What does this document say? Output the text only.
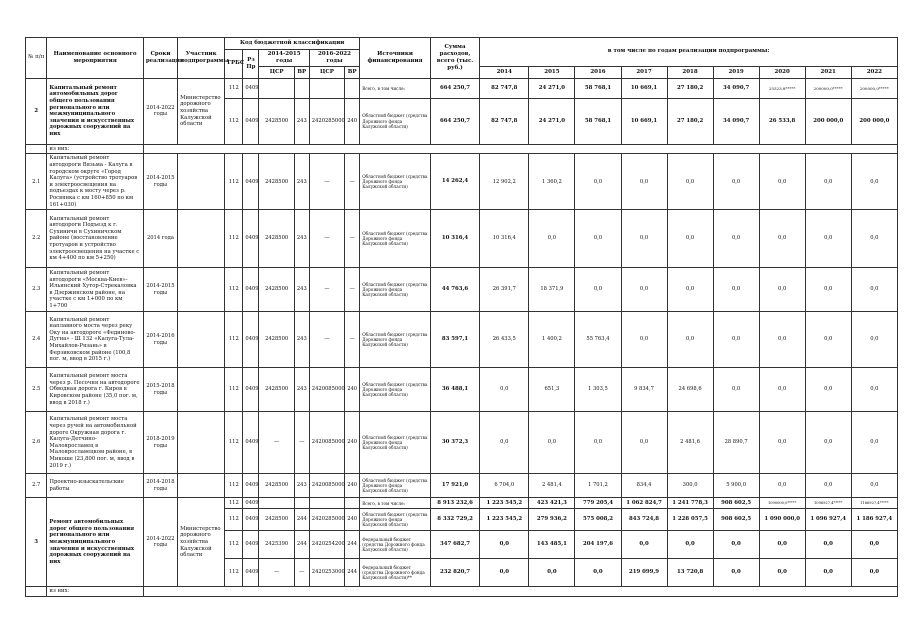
№ п/п	Наименование основного мероприятия	Сроки реализации	Участник подпрограммы	Код бюджетной классификации						Источники финансирования	Сумма расходов, всего (тыс. руб.)	в том числе по годам реализации подпрограммы:								
				ГРБС	Рз Пр	2014-2015 годы		2016-2022 годы												
						ЦСР	ВР	ЦСР	ВР			2014	2015	2016	2017	2018	2019	2020	2021	2022
2	Капитальный ремонт автомобильных дорог общего пользования регионального или межмуниципального значения и искусственных дорожных сооружений на них	2014-2022 годы	Министерство дорожного хозяйства Калужской области	112	0409					Всего, в том числе:	664 250,7	82 747,8	24 271,0	58 768,1	10 669,1	27 180,2	34 090,7	25523,8*****	200000,0*****	200000,0*****
				112	0409	2428500	243	2420285000	240	Областной бюджет (средства Дорожного фонда Калужской области)	664 250,7	82 747,8	24 271,0	58 768,1	10 669,1	27 180,2	34 090,7	26 533,8	200 000,0	200 000,0
	из них:																			
2.1	Капитальный ремонт автодороги Вязьма - Калуга в городском округе «Город Калуга» (устройство тротуаров и электроосвещения на подъездах к мосту через р. Росвянка с км 160+850 по км 161+030)	2014-2015 годы		112	0409	2428500	243	—	—	Областной бюджет (средства Дорожного фонда Калужской области)	14 262,4	12 902,2	1 360,2	0,0	0,0	0,0	0,0	0,0	0,0	0,0
2.2	Капитальный ремонт автодороги Подъезд к г. Сухиничи в Сухиничском районе (восстановление тротуаров и устройство электроосвещения на участке с км 4+400 по км 5+250)	2014 года		112	0409	2428500	243	—	—	Областной бюджет (средства Дорожного фонда Калужской области)	10 316,4	10 316,4	0,0	0,0	0,0	0,0	0,0	0,0	0,0	0,0
2.3	Капитальный ремонт автодороги «Москва-Киев»-Ильинский Хутор-Стрекаловка в Дзержинском районе, на участке с км 1+000 по км 1+700	2014-2015 годы		112	0409	2428500	243	—	—	Областной бюджет (средства Дорожного фонда Калужской области)	44 763,6	26 391,7	18 371,9	0,0	0,0	0,0	0,0	0,0	0,0	0,0
2.4	Капитальный ремонт наплавного моста через реку Оку на автодороге «Фединово-Дугна» - Ш 132 «Калуга-Тула-Михайлов-Рязань» в Ферзиковском районе (100,8 пог. м, ввод в 2015 г.)	2014-2016 годы		112	0409	2428500	243	—	—	Областной бюджет (средства Дорожного фонда Калужской области)	83 597,1	26 433,5	1 400,2	55 763,4	0,0	0,0	0,0	0,0	0,0	0,0
2.5	Капитальный ремонт моста через р. Песочня на автодороге Обводная дорога г. Киров в Кировском районе (35,0 пог. м, ввод в 2018 г.)	2015-2018 годы		112	0409	2428500	243	2420085000	240	Областной бюджет (средства Дорожного фонда Калужской области)	36 488,1	0,0	651,3	1 303,5	9 834,7	24 698,6	0,0	0,0	0,0	0,0
2.6	Капитальный ремонт моста через ручей на автомобильной дороге Окружная дорога г. Калуга-Детчино-Малоярославец в Малоярославецком районе, в Микоше (23,800 пог. м, ввод в 2019 г.)	2018-2019 годы		112	0409	—	—	2420085000	240	Областной бюджет (средства Дорожного фонда Калужской области)	30 372,3	0,0	0,0	0,0	0,0	2 481,6	28 890,7	0,0	0,0	0,0
2.7	Проектно-изыскательские работы	2014-2018 годы		112	0409	2428500	243	2420085000	240	Областной бюджет (средства Дорожного фонда Калужской области)	17 921,0	6 704,0	2 481,4	1 701,2	834,4	300,0	5 900,0	0,0	0,0	0,0
3	Ремонт автомобильных дорог общего пользования регионального или межмуниципального значения и искусственных дорожных сооружений на них	2014-2022 годы	Министерство дорожного хозяйства Калужской области	112	0409					Всего, в том числе:	8 913 232,6	1 223 545,2	423 421,3	779 205,4	1 062 824,7	1 241 778,3	908 602,5	1090000,0*****	1096927,4*****	1186927,4*****
				112	0409	2428500	244	2420285000	240	Областной бюджет (средства Дорожного фонда Калужской области)	8 332 729,2	1 223 545,2	279 936,2	575 008,2	843 724,8	1 228 057,5	908 602,5	1 090 000,0	1 096 927,4	1 186 927,4
				112	0409	2425390	244	2420254200	244	Федеральный бюджет (средства Дорожного фонда Калужской области)	347 682,7	0,0	143 485,1	204 197,6	0,0	0,0	0,0	0,0	0,0	0,0
				112	0409	—	—	2420253000	244	Федеральный бюджет (средства Дорожного фонда Калужской области)**	232 820,7	0,0	0,0	0,0	219 099,9	13 720,8	0,0	0,0	0,0	0,0
	из них:																			
